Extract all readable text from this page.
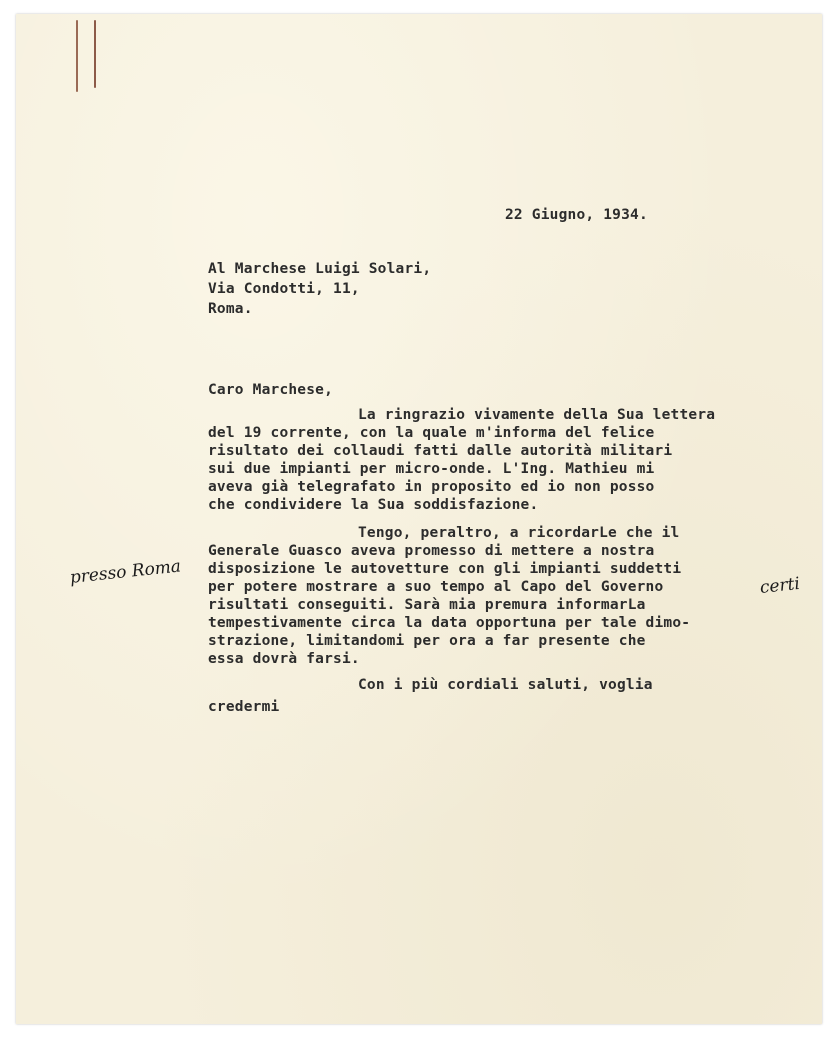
22 Giugno, 1934.
Al Marchese Luigi Solari,
Via Condotti, 11,
Roma.
Caro Marchese,
La ringrazio vivamente della Sua lettera
del 19 corrente, con la quale m'informa del felice
risultato dei collaudi fatti dalle autorità militari
sui due impianti per micro-onde. L'Ing. Mathieu mi
aveva già telegrafato in proposito ed io non posso
che condividere la Sua soddisfazione.
Tengo, peraltro, a ricordarLe che il
Generale Guasco aveva promesso di mettere a nostra
disposizione le autovetture con gli impianti suddetti
per potere mostrare a suo tempo al Capo del Governo
risultati conseguiti. Sarà mia premura informarLa
tempestivamente circa la data opportuna per tale dimo-
strazione, limitandomi per ora a far presente che
essa dovrà farsi.
Con i più cordiali saluti, voglia
credermi
presso Roma	certi
